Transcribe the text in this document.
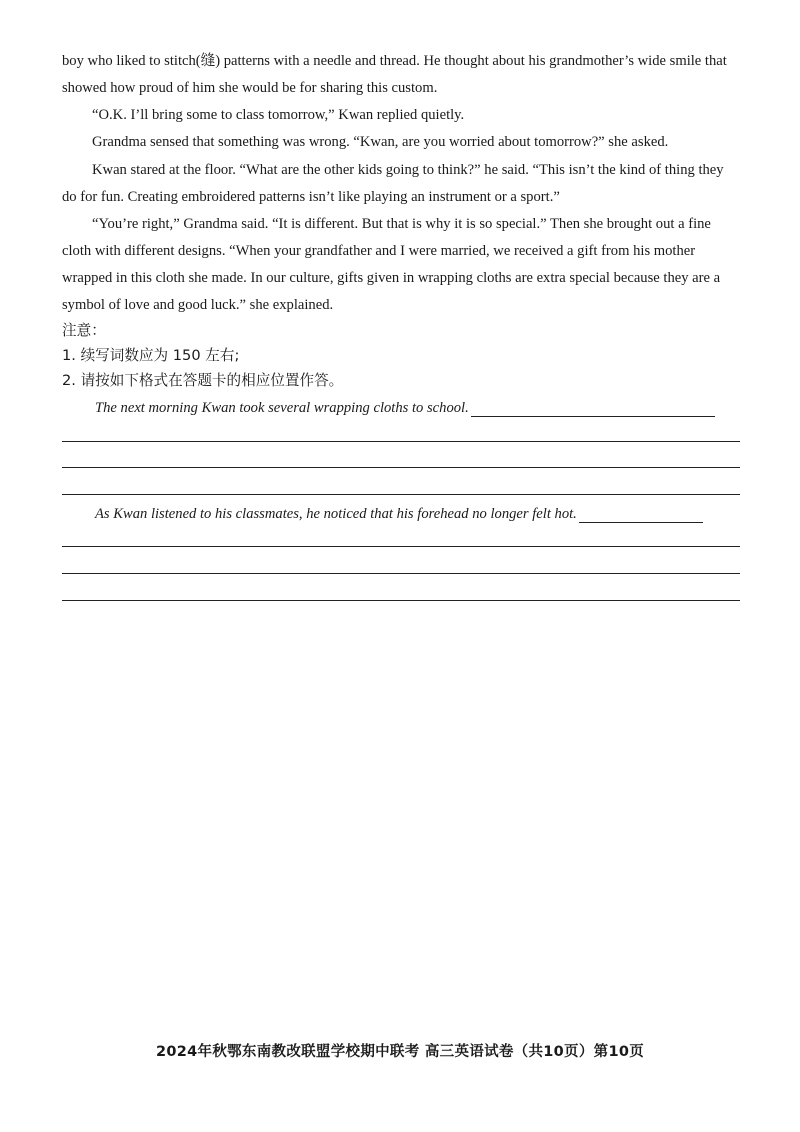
boy who liked to stitch(缝) patterns with a needle and thread. He thought about his grandmother’s wide smile that showed how proud of him she would be for sharing this custom.

“O.K. I’ll bring some to class tomorrow,” Kwan replied quietly.

Grandma sensed that something was wrong. “Kwan, are you worried about tomorrow?” she asked.

Kwan stared at the floor. “What are the other kids going to think?” he said. “This isn’t the kind of thing they do for fun. Creating embroidered patterns isn’t like playing an instrument or a sport.”

“You’re right,” Grandma said. “It is different. But that is why it is so special.” Then she brought out a fine cloth with different designs. “When your grandfather and I were married, we received a gift from his mother wrapped in this cloth she made. In our culture, gifts given in wrapping cloths are extra special because they are a symbol of love and good luck.” she explained.

注意：
1. 续写词数应为 150 左右;
2. 请按如下格式在答题卡的相应位置作答。
The next morning Kwan took several wrapping cloths to school.
As Kwan listened to his classmates, he noticed that his forehead no longer felt hot.
2024年秋鄂东南教改联盟学校期中联考 高三英语试卷（共10页）第10页
